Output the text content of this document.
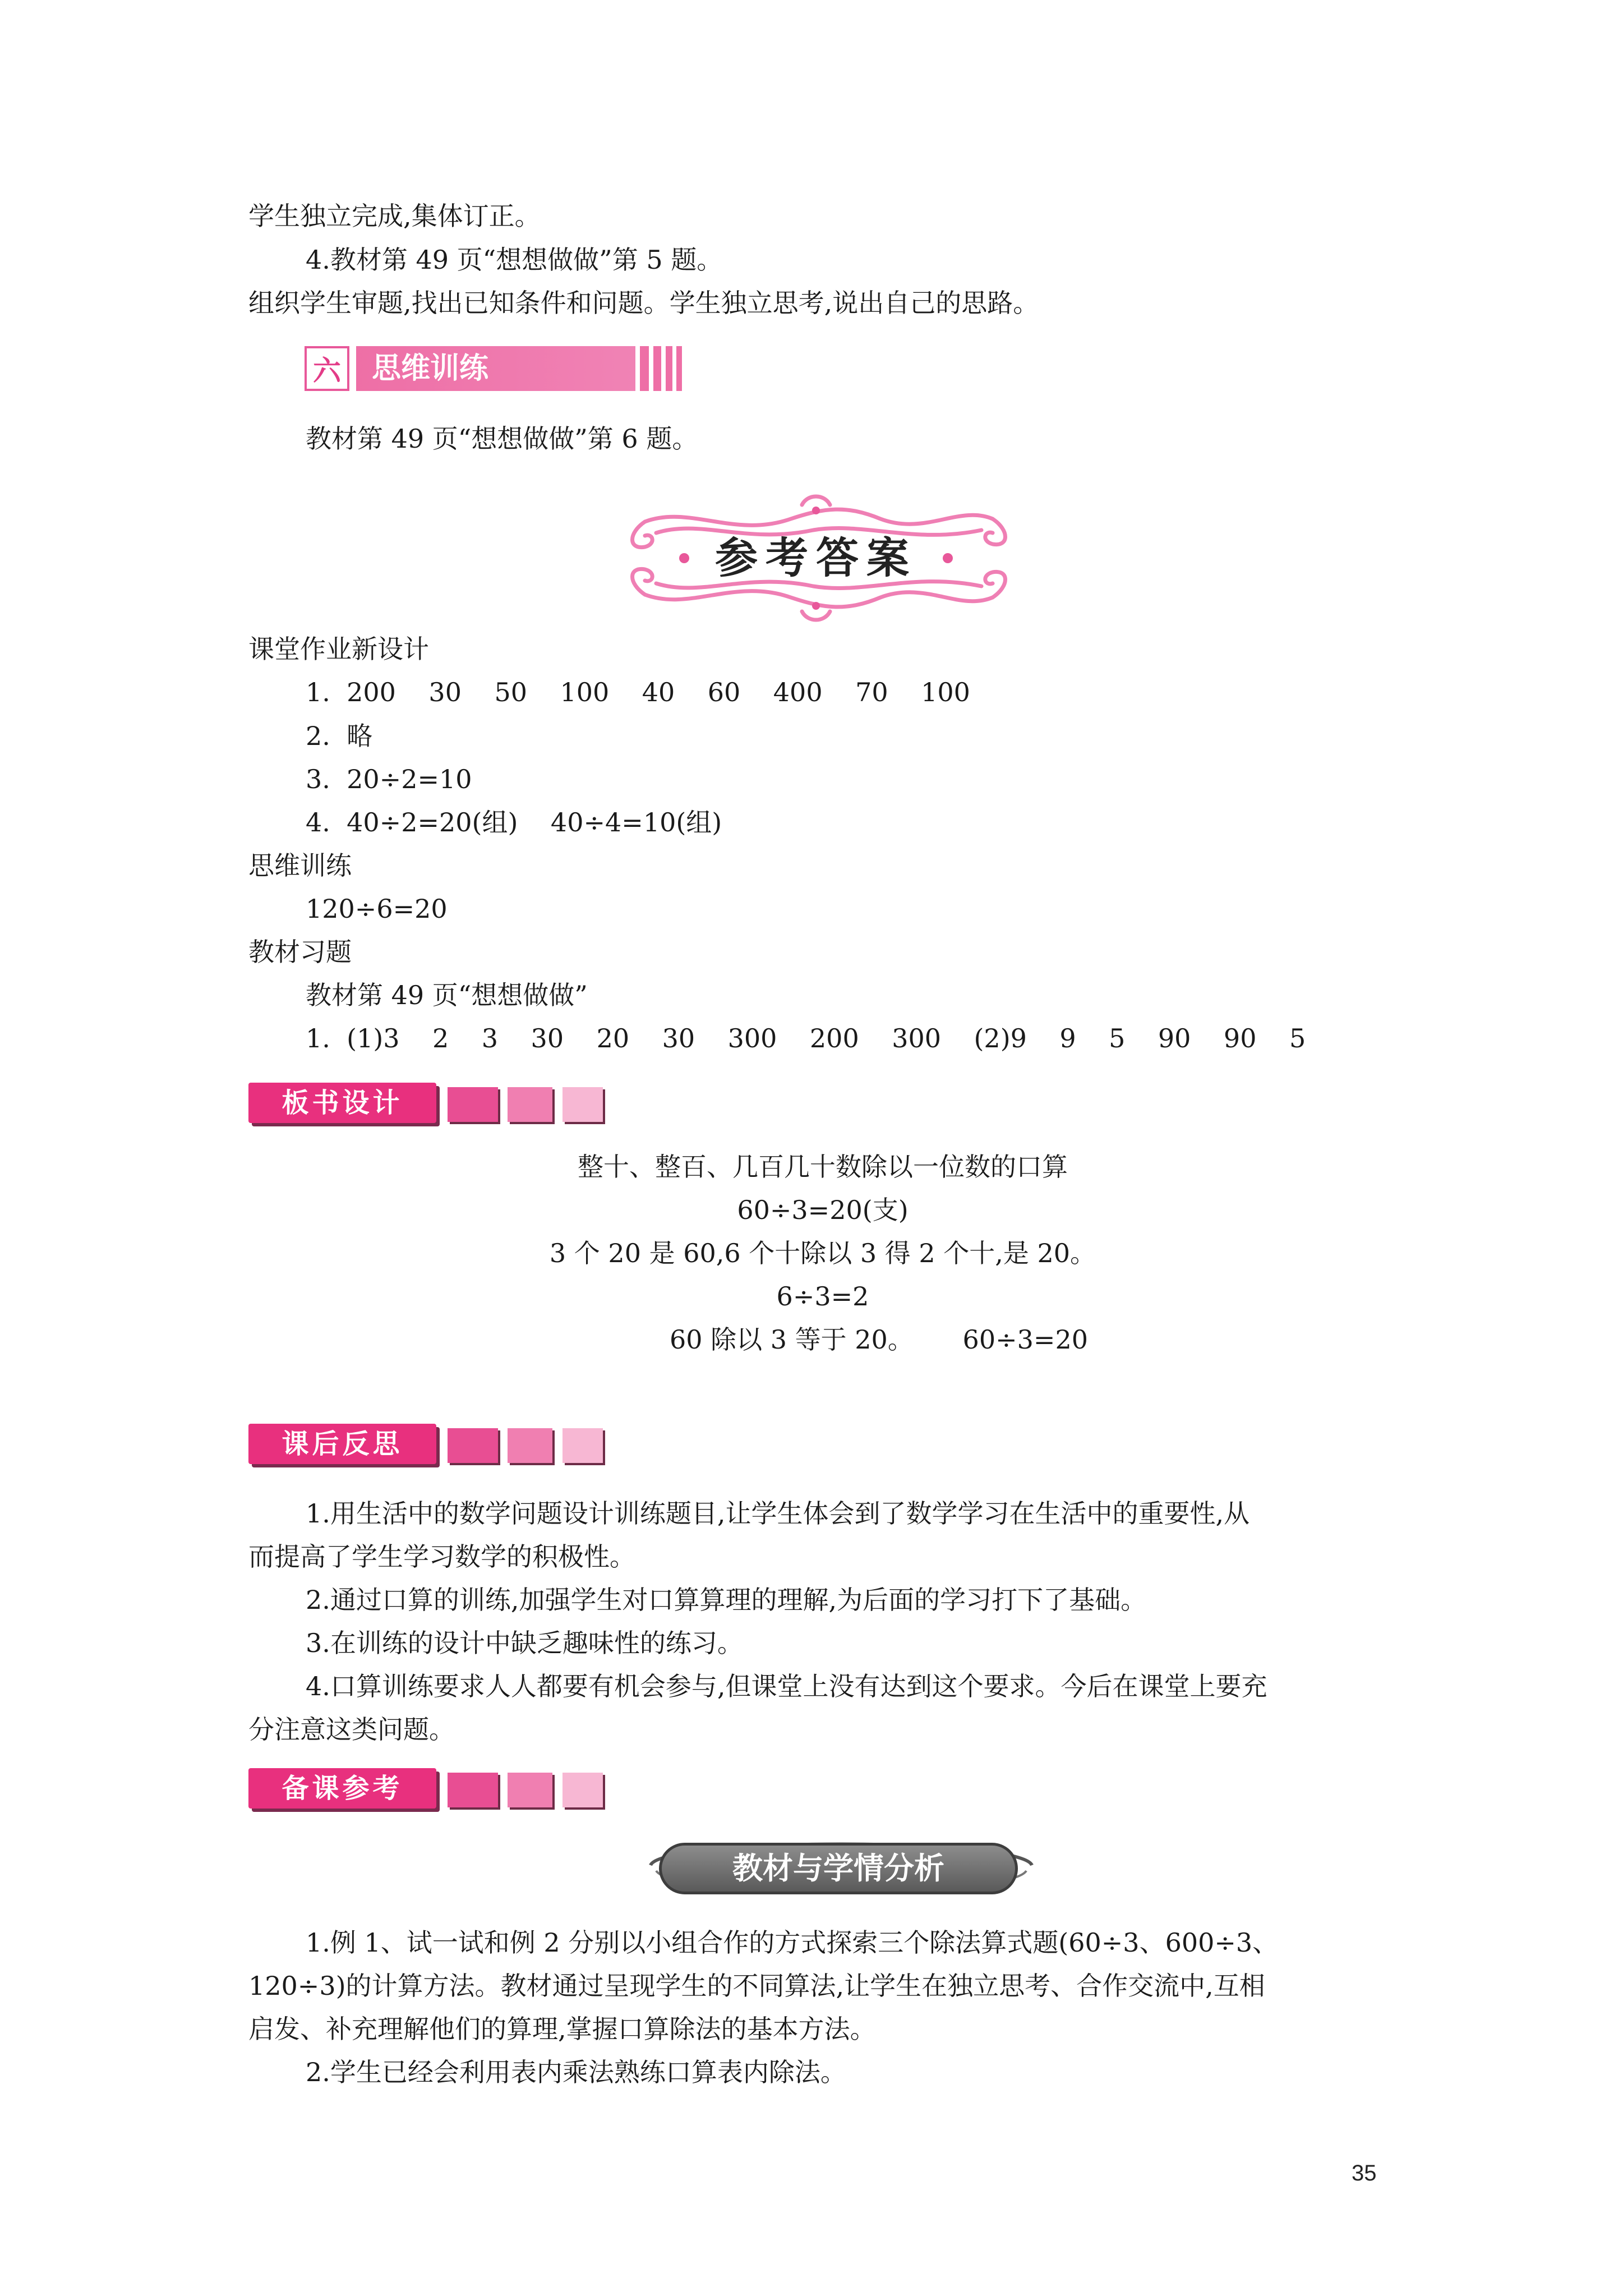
学生独立完成,集体订正。
4.教材第 49 页“想想做做”第 5 题。
组织学生审题,找出已知条件和问题。学生独立思考,说出自己的思路。
六	思维训练
教材第 49 页“想想做做”第 6 题。
参考答案
课堂作业新设计
1.  200    30    50    100    40    60    400    70    100
2.  略
3.  20÷2=10
4.  40÷2=20(组)    40÷4=10(组)
思维训练
120÷6=20
教材习题
教材第 49 页“想想做做”
1.  (1)3    2    3    30    20    30    300    200    300    (2)9    9    5    90    90    5
板书设计
整十、整百、几百几十数除以一位数的口算
60÷3=20(支)
3 个 20 是 60,6 个十除以 3 得 2 个十,是 20。
6÷3=2
60 除以 3 等于 20。      60÷3=20
课后反思
1.用生活中的数学问题设计训练题目,让学生体会到了数学学习在生活中的重要性,从
而提高了学生学习数学的积极性。
2.通过口算的训练,加强学生对口算算理的理解,为后面的学习打下了基础。
3.在训练的设计中缺乏趣味性的练习。
4.口算训练要求人人都要有机会参与,但课堂上没有达到这个要求。今后在课堂上要充
分注意这类问题。
备课参考
教材与学情分析
1.例 1、试一试和例 2 分别以小组合作的方式探索三个除法算式题(60÷3、600÷3、
120÷3)的计算方法。教材通过呈现学生的不同算法,让学生在独立思考、合作交流中,互相
启发、补充理解他们的算理,掌握口算除法的基本方法。
2.学生已经会利用表内乘法熟练口算表内除法。
35
